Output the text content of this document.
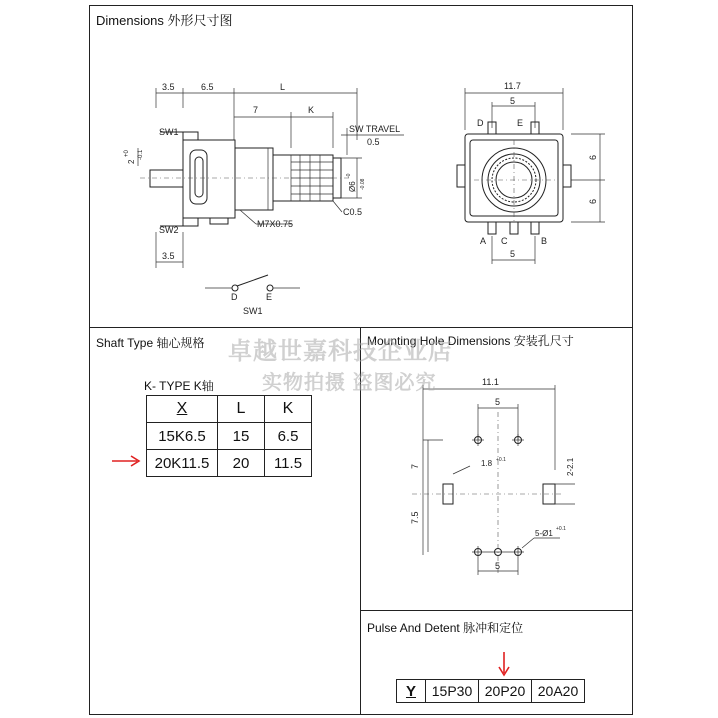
Dimensions 外形尺寸图
Shaft Type 轴心规格	Mounting Hole Dimensions 安装孔尺寸
Pulse And Detent 脉冲和定位
3.5	6.5	L
7	K
3.5
SW1
SW2
2
+0 -0.1
SW TRAVEL
0.5
Ø6
-0
-0.08
M7X0.75
C0.5
11.7
5
D	E
A C	B
5
6
6
D	E
SW1
11.1
5
7
7.5
1.8 +0.1	2-2.1
5
5-Ø1 +0.1
K- TYPE K轴
X	L	K
15K6.5	15	6.5
20K11.5	20	11.5
Y	15P30	20P20	20A20
卓越世嘉科技企业店
实物拍摄 盗图必究
